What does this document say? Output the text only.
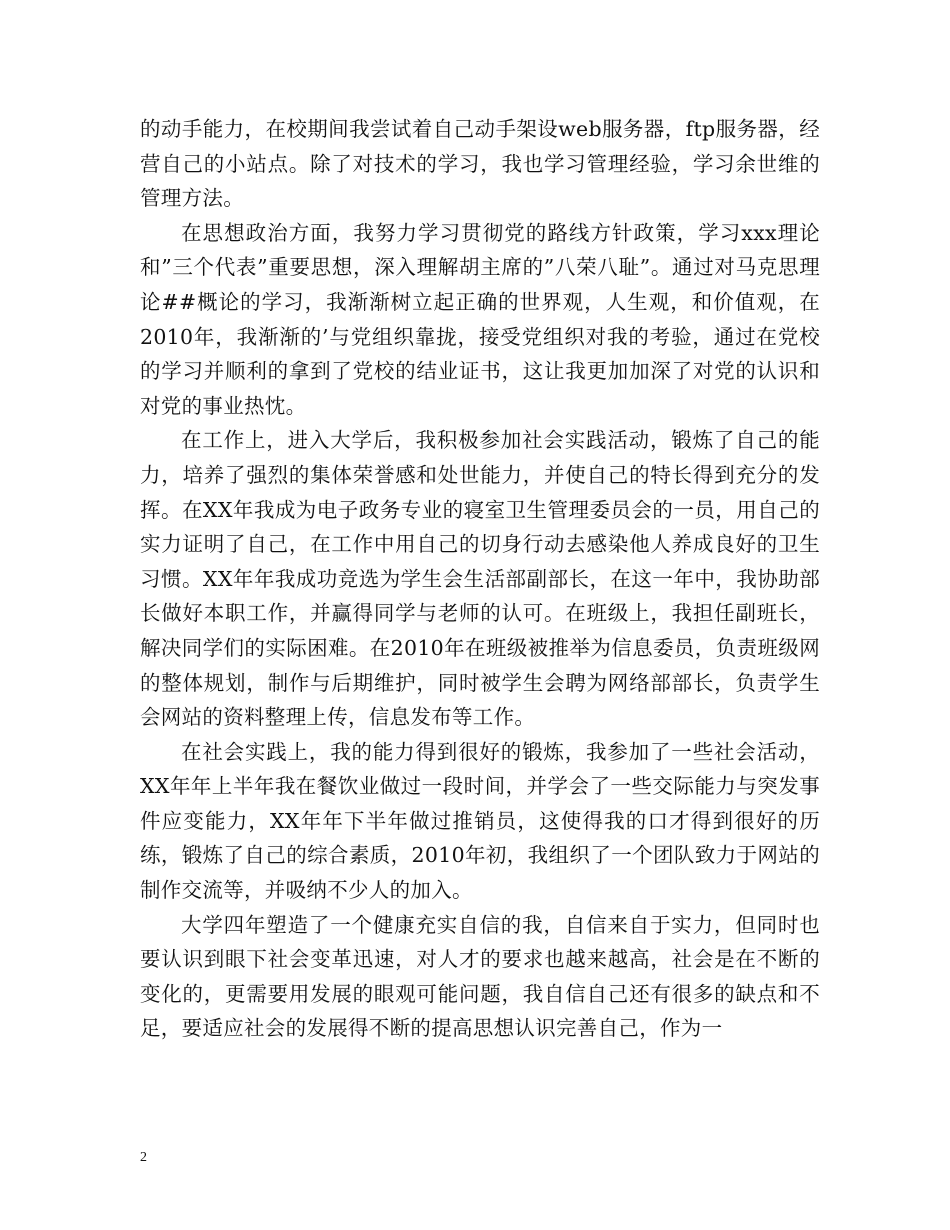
的动手能力，在校期间我尝试着自己动手架设web服务器，ftp服务器，经营自己的小站点。除了对技术的学习，我也学习管理经验，学习余世维的管理方法。

在思想政治方面，我努力学习贯彻党的路线方针政策，学习xxx理论和”三个代表”重要思想，深入理解胡主席的”八荣八耻”。通过对马克思理论##概论的学习，我渐渐树立起正确的世界观，人生观，和价值观，在2010年，我渐渐的’与党组织靠拢，接受党组织对我的考验，通过在党校的学习并顺利的拿到了党校的结业证书，这让我更加加深了对党的认识和对党的事业热忱。

在工作上，进入大学后，我积极参加社会实践活动，锻炼了自己的能力，培养了强烈的集体荣誉感和处世能力，并使自己的特长得到充分的发挥。在XX年我成为电子政务专业的寝室卫生管理委员会的一员，用自己的实力证明了自己，在工作中用自己的切身行动去感染他人养成良好的卫生习惯。XX年年我成功竞选为学生会生活部副部长，在这一年中，我协助部长做好本职工作，并赢得同学与老师的认可。在班级上，我担任副班长，解决同学们的实际困难。在2010年在班级被推举为信息委员，负责班级网的整体规划，制作与后期维护，同时被学生会聘为网络部部长，负责学生会网站的资料整理上传，信息发布等工作。

在社会实践上，我的能力得到很好的锻炼，我参加了一些社会活动，XX年年上半年我在餐饮业做过一段时间，并学会了一些交际能力与突发事件应变能力，XX年年下半年做过推销员，这使得我的口才得到很好的历练，锻炼了自己的综合素质，2010年初，我组织了一个团队致力于网站的制作交流等，并吸纳不少人的加入。

大学四年塑造了一个健康充实自信的我，自信来自于实力，但同时也要认识到眼下社会变革迅速，对人才的要求也越来越高，社会是在不断的变化的，更需要用发展的眼观可能问题，我自信自己还有很多的缺点和不足，要适应社会的发展得不断的提高思想认识完善自己，作为一

2
